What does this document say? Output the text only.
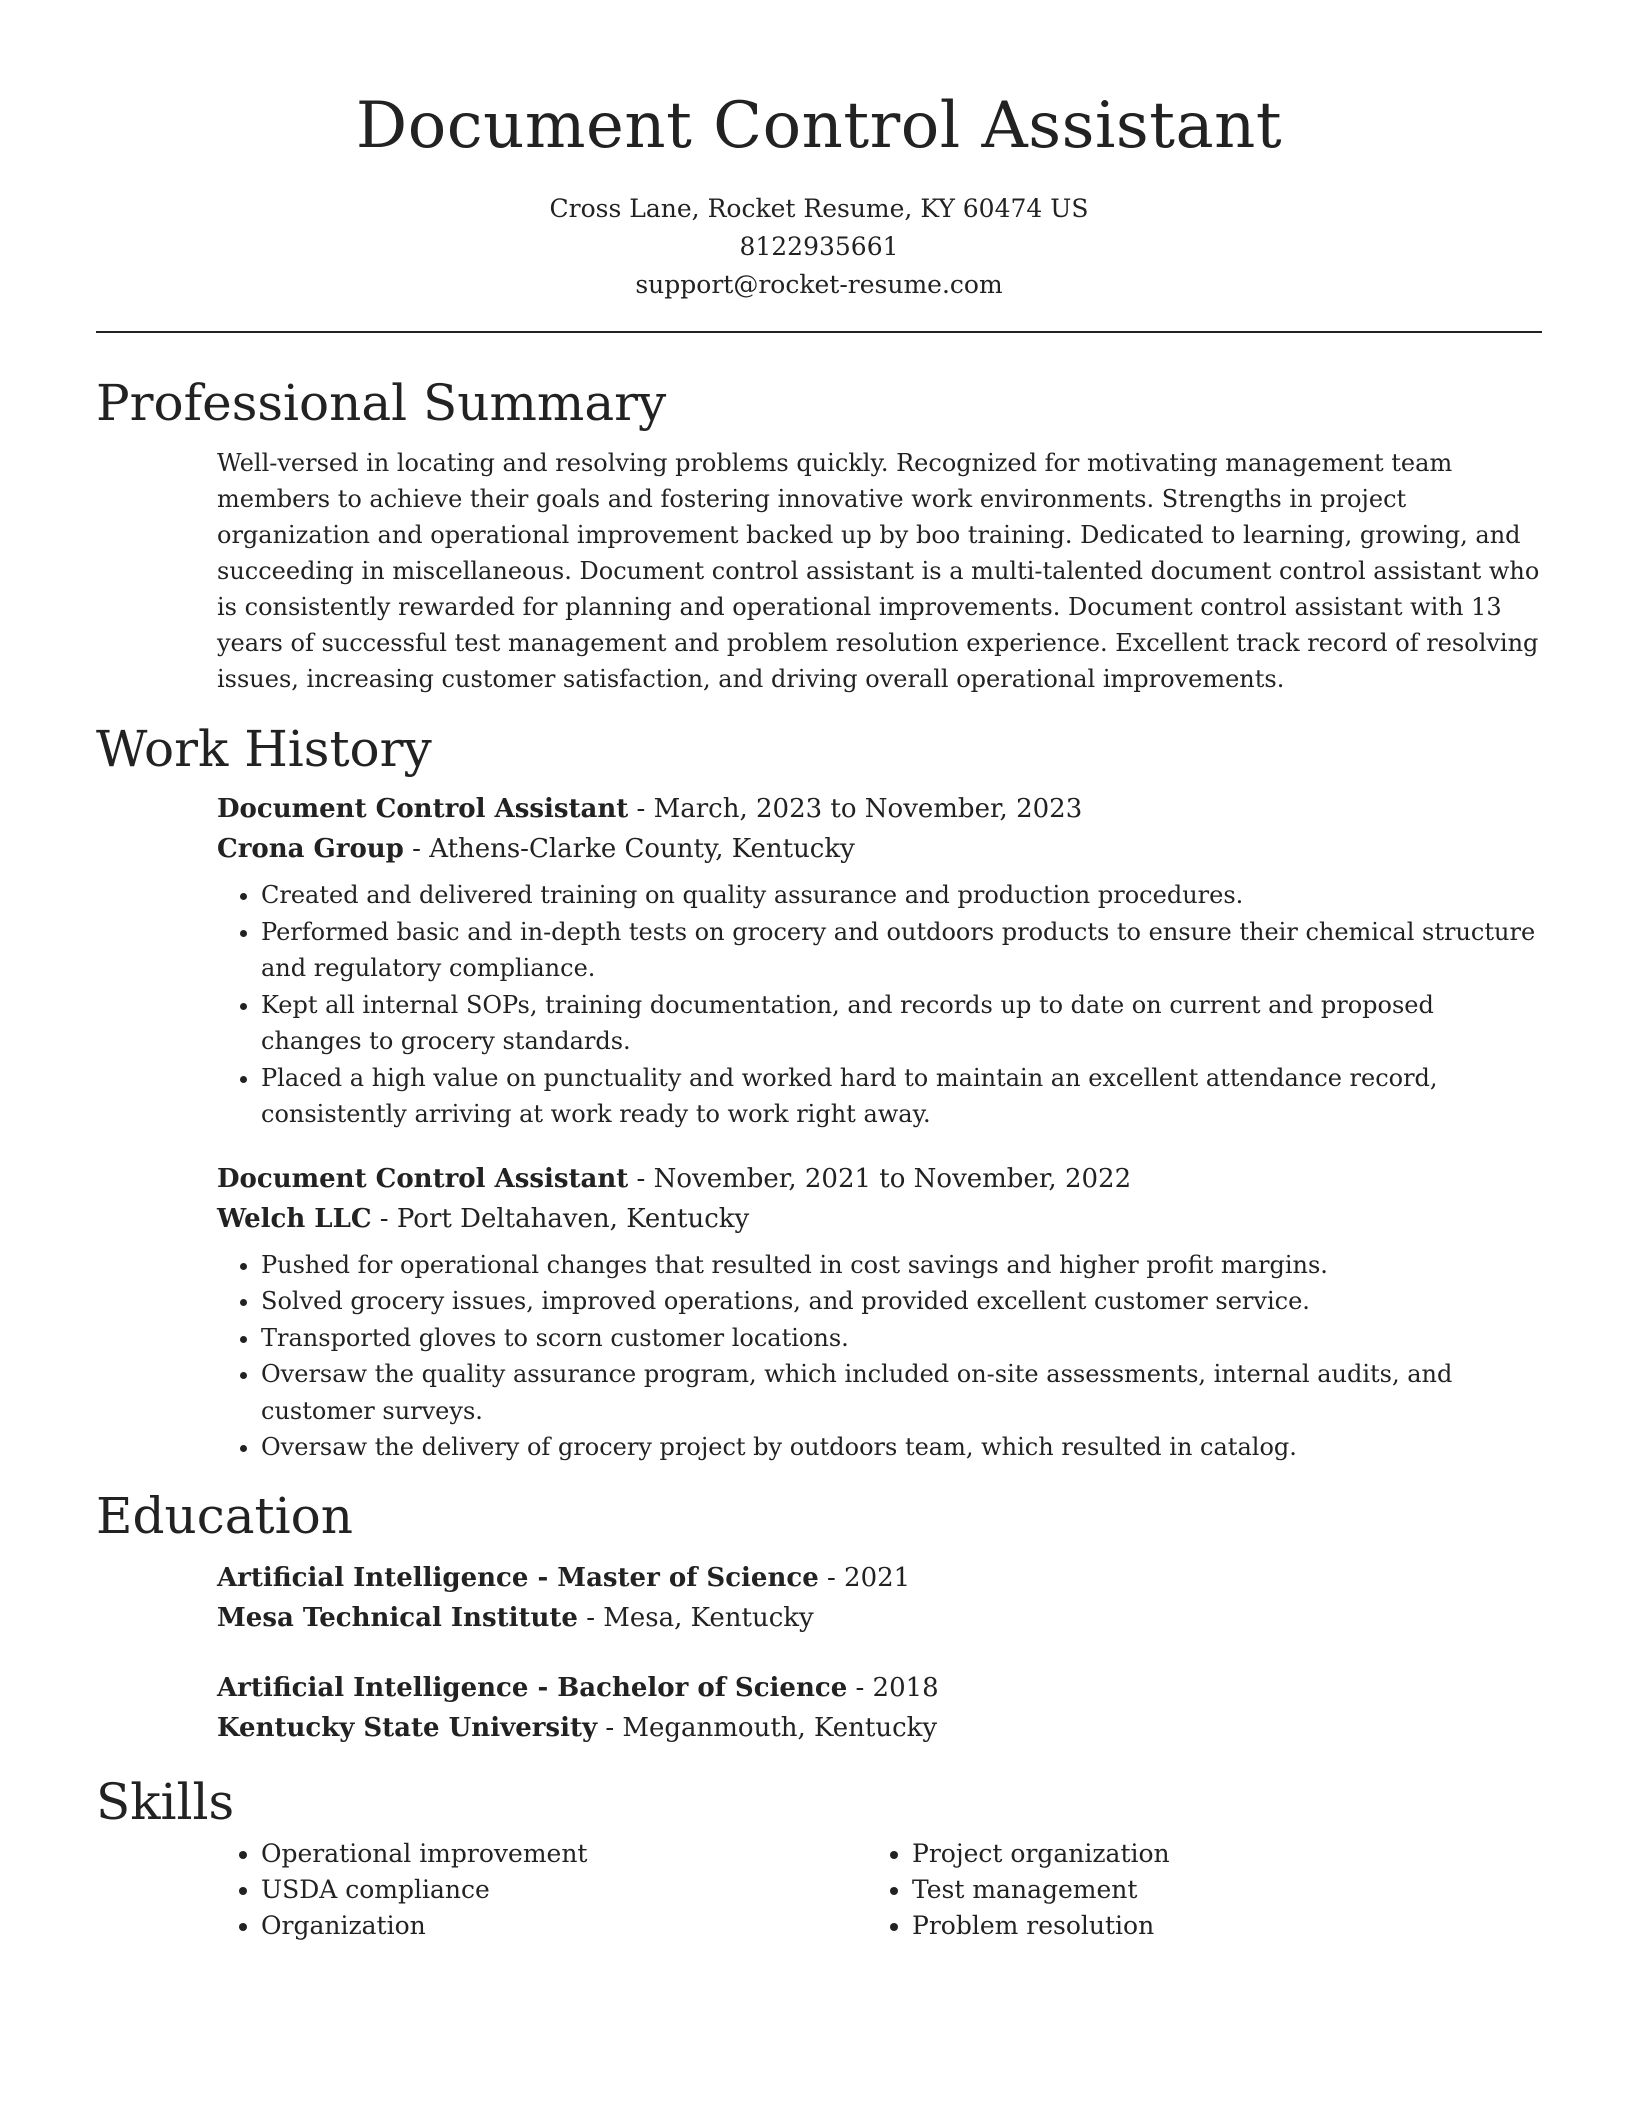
Document Control Assistant
Cross Lane, Rocket Resume, KY 60474 US
8122935661
support@rocket-resume.com
Professional Summary
Well-versed in locating and resolving problems quickly. Recognized for motivating management team members to achieve their goals and fostering innovative work environments. Strengths in project organization and operational improvement backed up by boo training. Dedicated to learning, growing, and succeeding in miscellaneous. Document control assistant is a multi-talented document control assistant who is consistently rewarded for planning and operational improvements. Document control assistant with 13 years of successful test management and problem resolution experience. Excellent track record of resolving issues, increasing customer satisfaction, and driving overall operational improvements.
Work History
Document Control Assistant - March, 2023 to November, 2023
Crona Group - Athens-Clarke County, Kentucky
• Created and delivered training on quality assurance and production procedures.
• Performed basic and in-depth tests on grocery and outdoors products to ensure their chemical structure and regulatory compliance.
• Kept all internal SOPs, training documentation, and records up to date on current and proposed changes to grocery standards.
• Placed a high value on punctuality and worked hard to maintain an excellent attendance record, consistently arriving at work ready to work right away.
Document Control Assistant - November, 2021 to November, 2022
Welch LLC - Port Deltahaven, Kentucky
• Pushed for operational changes that resulted in cost savings and higher profit margins.
• Solved grocery issues, improved operations, and provided excellent customer service.
• Transported gloves to scorn customer locations.
• Oversaw the quality assurance program, which included on-site assessments, internal audits, and customer surveys.
• Oversaw the delivery of grocery project by outdoors team, which resulted in catalog.
Education
Artificial Intelligence - Master of Science - 2021
Mesa Technical Institute - Mesa, Kentucky
Artificial Intelligence - Bachelor of Science - 2018
Kentucky State University - Meganmouth, Kentucky
Skills
• Operational improvement
• USDA compliance
• Organization
• Project organization
• Test management
• Problem resolution
